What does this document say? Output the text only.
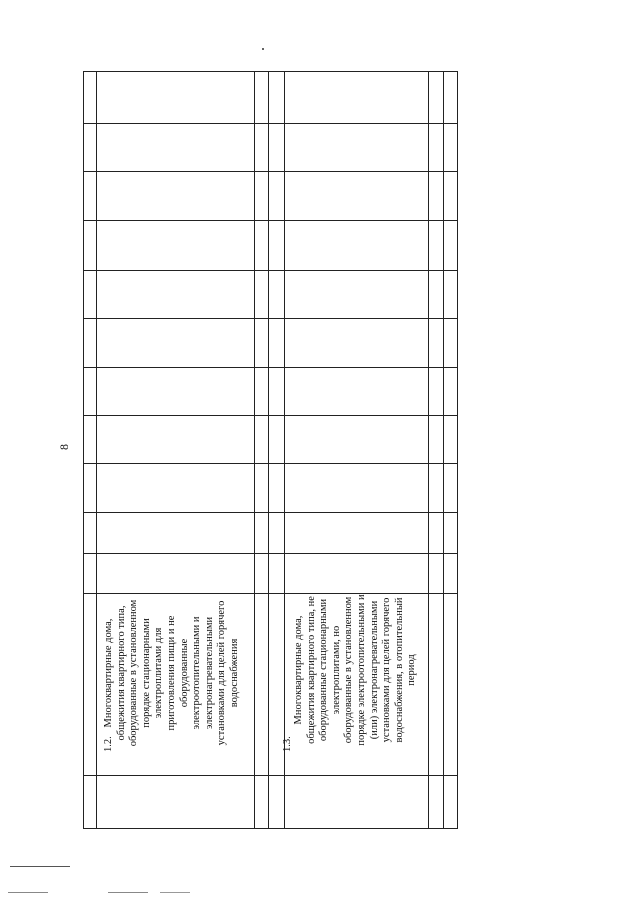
8
1.2.
Многоквартирные дома,
общежития квартирного типа,
оборудованные в установленном
порядке стационарными
электроплитами для
приготовления пищи и не
оборудованные
электроотопительными и
электронагревательными
установками для целей горячего
водоснабжения
1.3.
Многоквартирные дома,
общежития квартирного типа, не
оборудованные стационарными
электроплитами, но
оборудованные в установленном
порядке электроотопительными и
(или) электронагревательными
установками для целей горячего
водоснабжения, в отопительный
период
